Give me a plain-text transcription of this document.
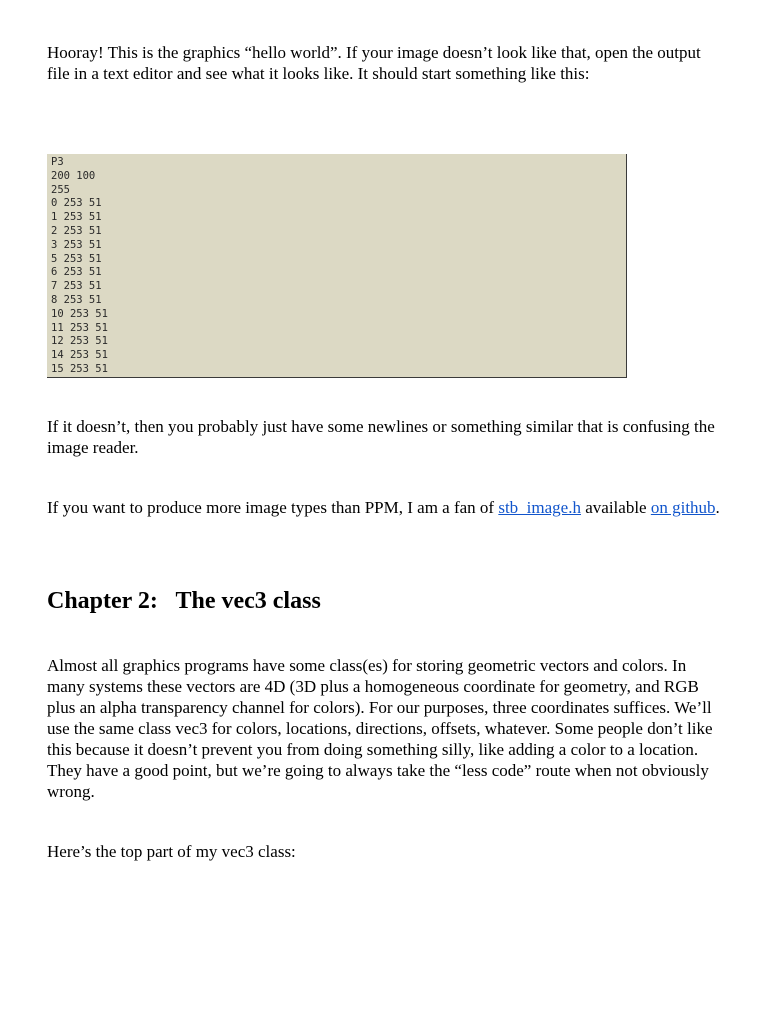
Hooray! This is the graphics “hello world”. If your image doesn’t look like that, open the output file in a text editor and see what it looks like. It should start something like this:

P3
200 100
255
0 253 51
1 253 51
2 253 51
3 253 51
5 253 51
6 253 51
7 253 51
8 253 51
10 253 51
11 253 51
12 253 51
14 253 51
15 253 51

If it doesn’t, then you probably just have some newlines or something similar that is confusing the image reader.

If you want to produce more image types than PPM, I am a fan of stb_image.h available on github.

Chapter 2: The vec3 class

Almost all graphics programs have some class(es) for storing geometric vectors and colors. In many systems these vectors are 4D (3D plus a homogeneous coordinate for geometry, and RGB plus an alpha transparency channel for colors). For our purposes, three coordinates suffices. We’ll use the same class vec3 for colors, locations, directions, offsets, whatever. Some people don’t like this because it doesn’t prevent you from doing something silly, like adding a color to a location. They have a good point, but we’re going to always take the “less code” route when not obviously wrong.

Here’s the top part of my vec3 class:
